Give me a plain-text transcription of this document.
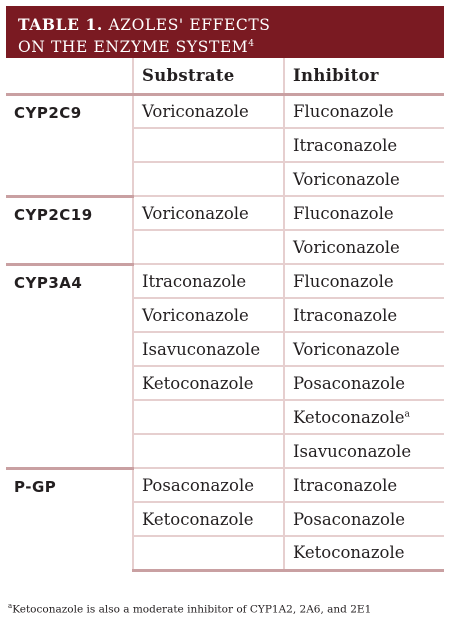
TABLE 1. AZOLES' EFFECTS
ON THE ENZYME SYSTEM$^4$
	Substrate	Inhibitor
CYP2C9	Voriconazole	Fluconazole
		Itraconazole
		Voriconazole
CYP2C19	Voriconazole	Fluconazole
		Voriconazole
CYP3A4	Itraconazole	Fluconazole
	Voriconazole	Itraconazole
	Isavuconazole	Voriconazole
	Ketoconazole	Posaconazole
		Ketoconazole$^a$
		Isavuconazole
P-GP	Posaconazole	Itraconazole
	Ketoconazole	Posaconazole
		Ketoconazole
$^a$Ketoconazole is also a moderate inhibitor of CYP1A2, 2A6, and 2E1
